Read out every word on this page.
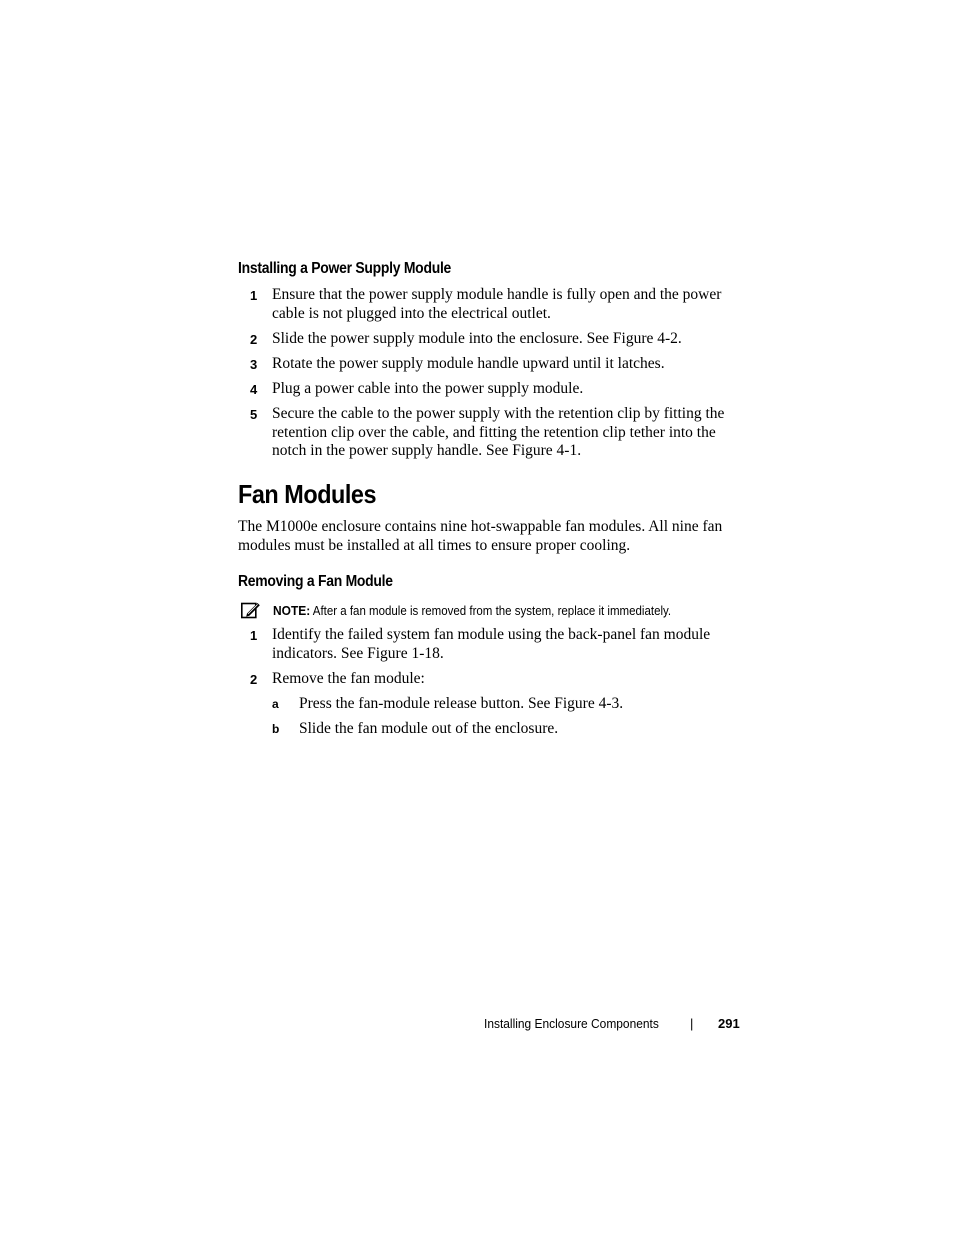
Installing a Power Supply Module
1 Ensure that the power supply module handle is fully open and the power cable is not plugged into the electrical outlet.
2 Slide the power supply module into the enclosure. See Figure 4-2.
3 Rotate the power supply module handle upward until it latches.
4 Plug a power cable into the power supply module.
5 Secure the cable to the power supply with the retention clip by fitting the retention clip over the cable, and fitting the retention clip tether into the notch in the power supply handle. See Figure 4-1.
Fan Modules
The M1000e enclosure contains nine hot-swappable fan modules. All nine fan modules must be installed at all times to ensure proper cooling.
Removing a Fan Module
NOTE: After a fan module is removed from the system, replace it immediately.
1 Identify the failed system fan module using the back-panel fan module indicators. See Figure 1-18.
2 Remove the fan module:
a Press the fan-module release button. See Figure 4-3.
b Slide the fan module out of the enclosure.
Installing Enclosure Components | 291
